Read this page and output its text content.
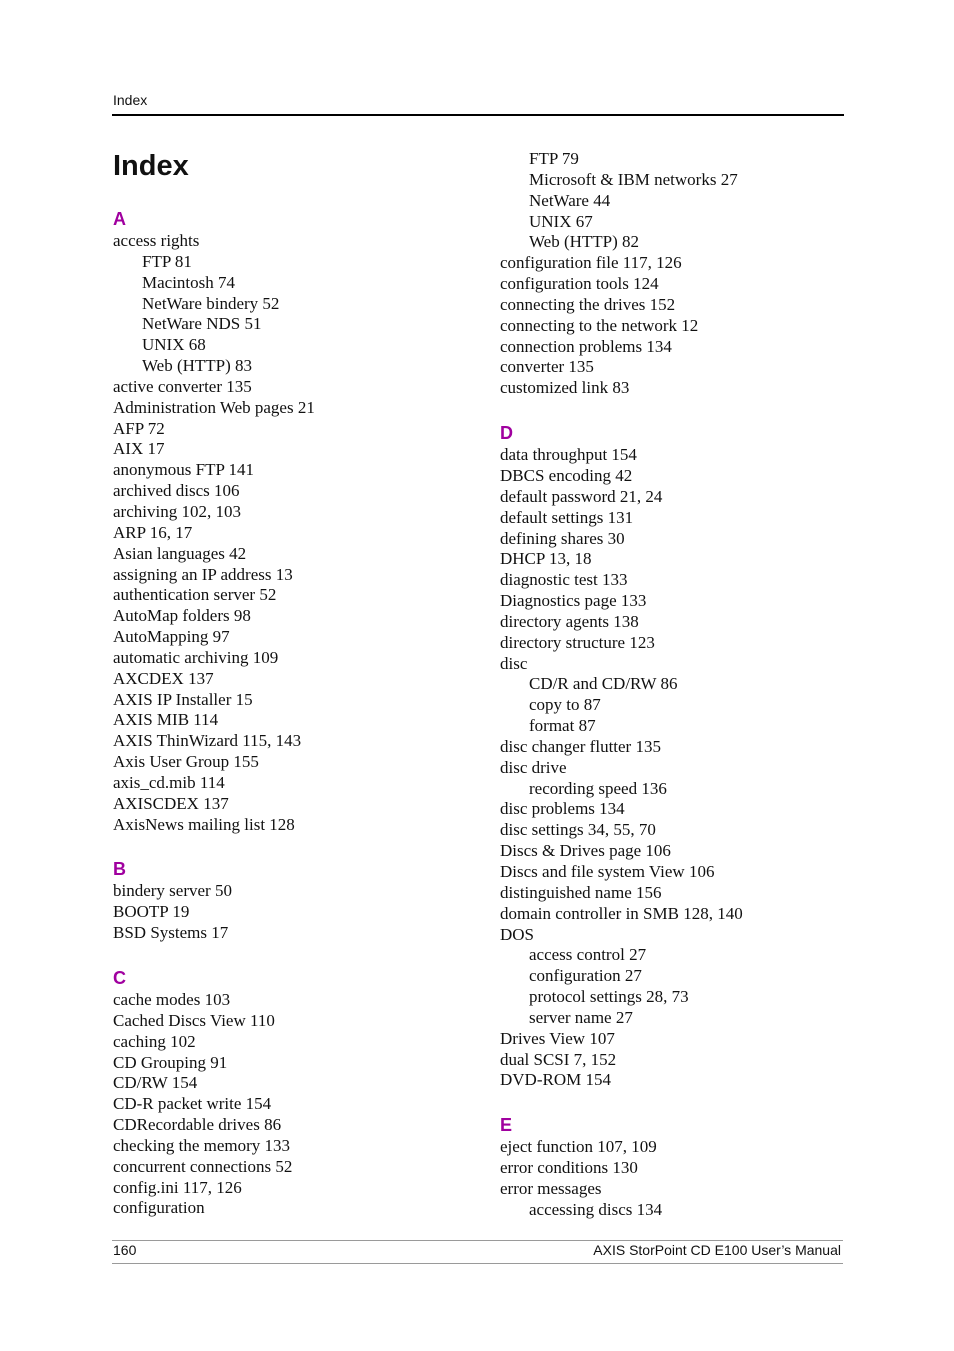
Index
Index
A
access rights
FTP 81
Macintosh 74
NetWare bindery 52
NetWare NDS 51
UNIX 68
Web (HTTP) 83
active converter 135
Administration Web pages 21
AFP 72
AIX 17
anonymous FTP 141
archived discs 106
archiving 102, 103
ARP 16, 17
Asian languages 42
assigning an IP address 13
authentication server 52
AutoMap folders 98
AutoMapping 97
automatic archiving 109
AXCDEX 137
AXIS IP Installer 15
AXIS MIB 114
AXIS ThinWizard 115, 143
Axis User Group 155
axis_cd.mib 114
AXISCDEX 137
AxisNews mailing list 128
B
bindery server 50
BOOTP 19
BSD Systems 17
C
cache modes 103
Cached Discs View 110
caching 102
CD Grouping 91
CD/RW 154
CD-R packet write 154
CDRecordable drives 86
checking the memory 133
concurrent connections 52
config.ini 117, 126
configuration
FTP 79
Microsoft & IBM networks 27
NetWare 44
UNIX 67
Web (HTTP) 82
configuration file 117, 126
configuration tools 124
connecting the drives 152
connecting to the network 12
connection problems 134
converter 135
customized link 83
D
data throughput 154
DBCS encoding 42
default password 21, 24
default settings 131
defining shares 30
DHCP 13, 18
diagnostic test 133
Diagnostics page 133
directory agents 138
directory structure 123
disc
CD/R and CD/RW 86
copy to 87
format 87
disc changer flutter 135
disc drive
recording speed 136
disc problems 134
disc settings 34, 55, 70
Discs & Drives page 106
Discs and file system View 106
distinguished name 156
domain controller in SMB 128, 140
DOS
access control 27
configuration 27
protocol settings 28, 73
server name 27
Drives View 107
dual SCSI 7, 152
DVD-ROM 154
E
eject function 107, 109
error conditions 130
error messages
accessing discs 134
160	AXIS StorPoint CD E100 User’s Manual
